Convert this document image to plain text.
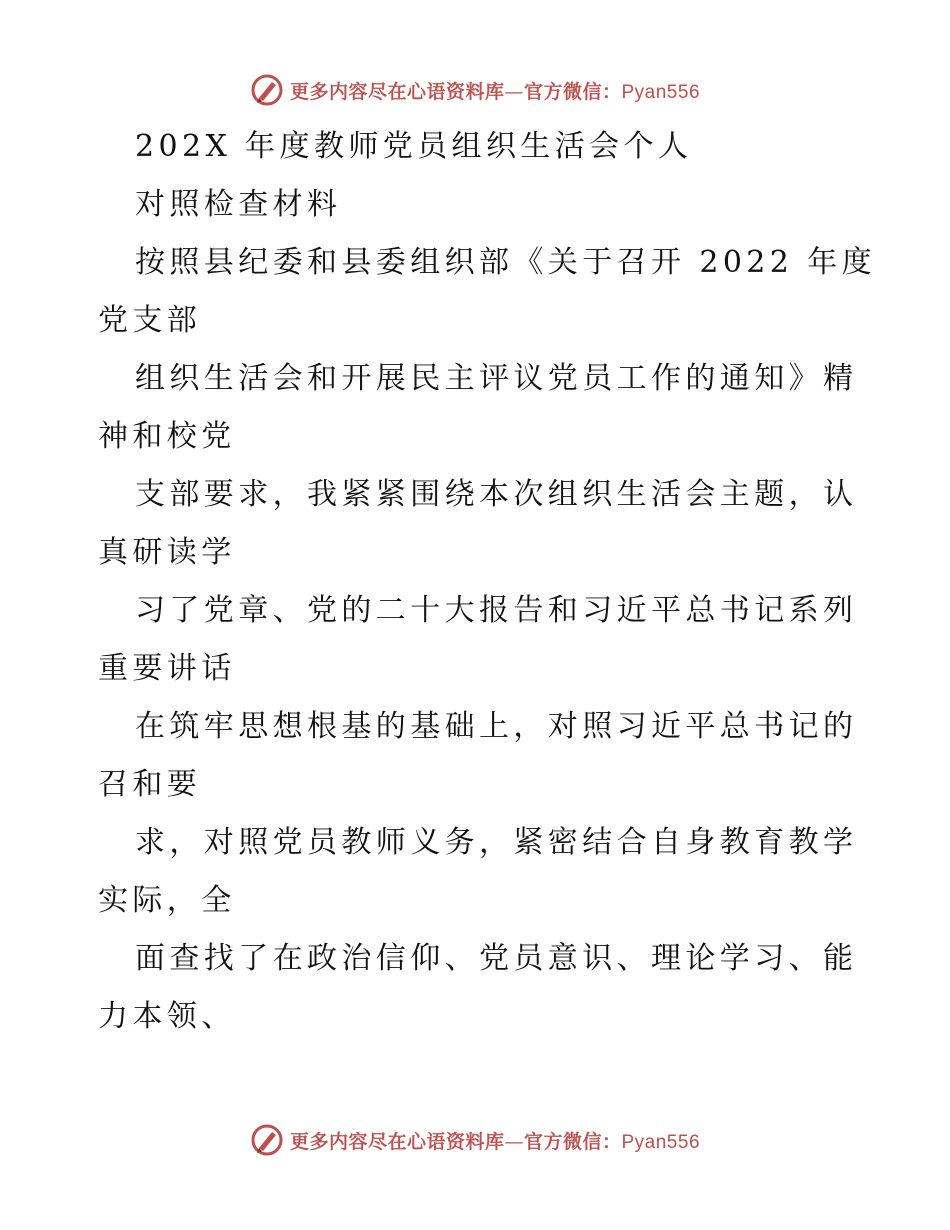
更多内容尽在心语资料库—官方微信：Pyan556
202X 年度教师党员组织生活会个人
对照检查材料
按照县纪委和县委组织部《关于召开 2022 年度
党支部
组织生活会和开展民主评议党员工作的通知》精
神和校党
支部要求，我紧紧围绕本次组织生活会主题，认
真研读学
习了党章、党的二十大报告和习近平总书记系列
重要讲话
在筑牢思想根基的基础上，对照习近平总书记的
召和要
求，对照党员教师义务，紧密结合自身教育教学
实际，全
面查找了在政治信仰、党员意识、理论学习、能
力本领、
更多内容尽在心语资料库—官方微信：Pyan556
